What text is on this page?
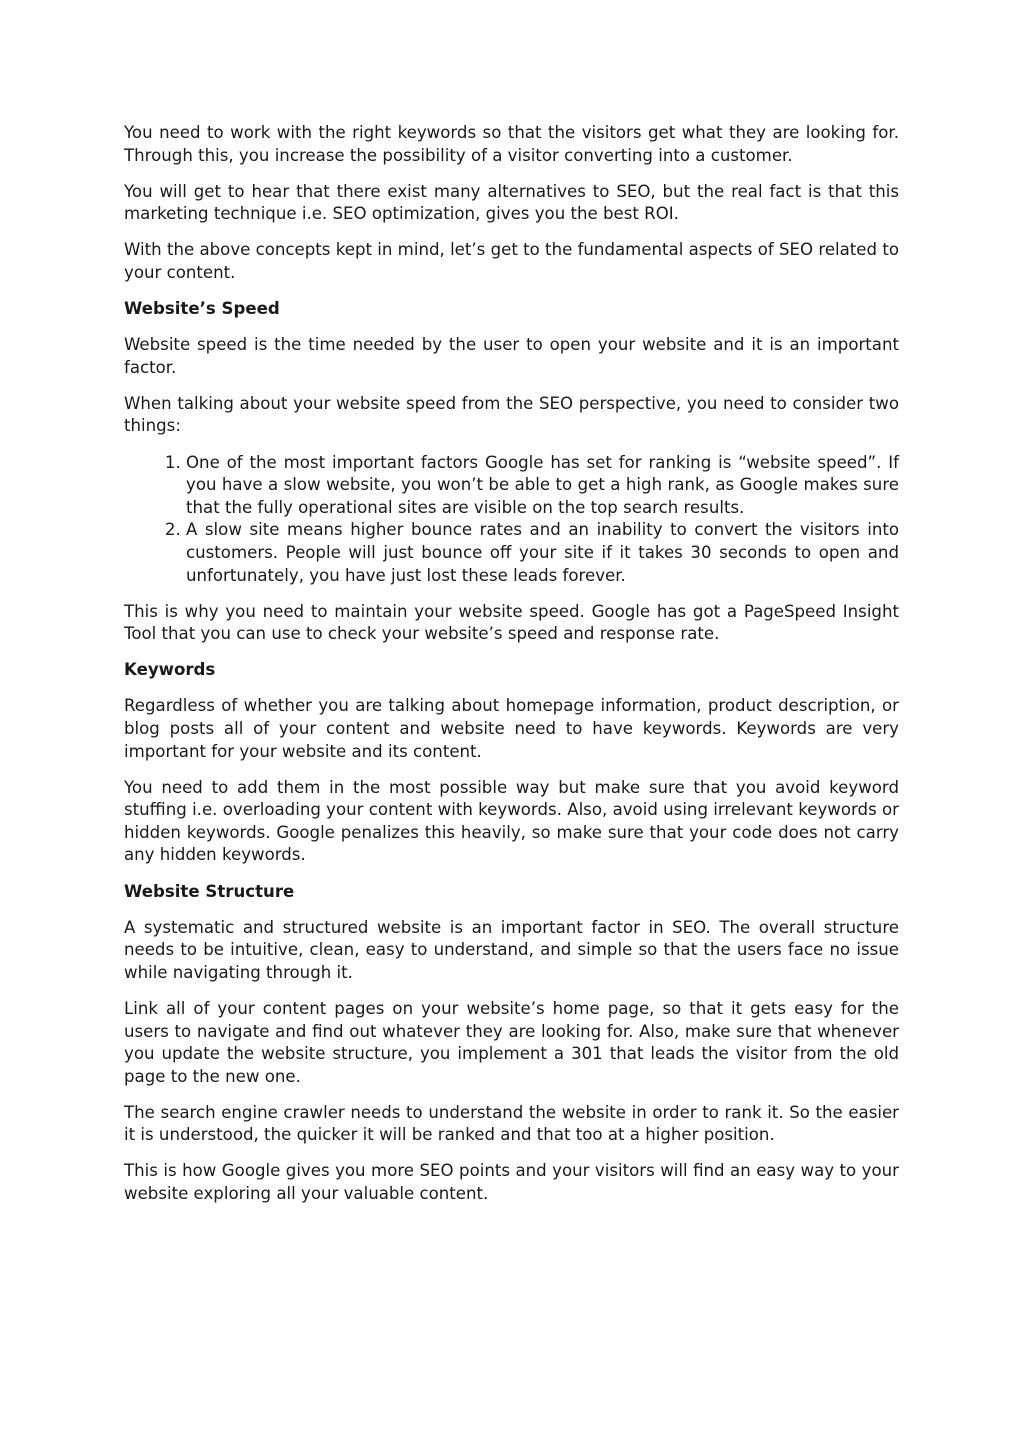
You need to work with the right keywords so that the visitors get what they are looking for. Through this, you increase the possibility of a visitor converting into a customer.

You will get to hear that there exist many alternatives to SEO, but the real fact is that this marketing technique i.e. SEO optimization, gives you the best ROI.

With the above concepts kept in mind, let’s get to the fundamental aspects of SEO related to your content.

Website’s Speed

Website speed is the time needed by the user to open your website and it is an important factor.

When talking about your website speed from the SEO perspective, you need to consider two things:

1. One of the most important factors Google has set for ranking is “website speed”. If you have a slow website, you won’t be able to get a high rank, as Google makes sure that the fully operational sites are visible on the top search results.
2. A slow site means higher bounce rates and an inability to convert the visitors into customers. People will just bounce off your site if it takes 30 seconds to open and unfortunately, you have just lost these leads forever.

This is why you need to maintain your website speed. Google has got a PageSpeed Insight Tool that you can use to check your website’s speed and response rate.

Keywords

Regardless of whether you are talking about homepage information, product description, or blog posts all of your content and website need to have keywords. Keywords are very important for your website and its content.

You need to add them in the most possible way but make sure that you avoid keyword stuffing i.e. overloading your content with keywords. Also, avoid using irrelevant keywords or hidden keywords. Google penalizes this heavily, so make sure that your code does not carry any hidden keywords.

Website Structure

A systematic and structured website is an important factor in SEO. The overall structure needs to be intuitive, clean, easy to understand, and simple so that the users face no issue while navigating through it.

Link all of your content pages on your website’s home page, so that it gets easy for the users to navigate and find out whatever they are looking for. Also, make sure that whenever you update the website structure, you implement a 301 that leads the visitor from the old page to the new one.

The search engine crawler needs to understand the website in order to rank it. So the easier it is understood, the quicker it will be ranked and that too at a higher position.

This is how Google gives you more SEO points and your visitors will find an easy way to your website exploring all your valuable content.
